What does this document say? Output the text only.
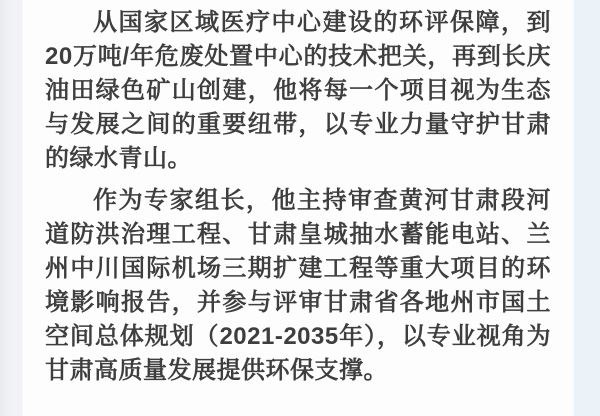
从国家区域医疗中心建设的环评保障，到20万吨/年危废处置中心的技术把关，再到长庆油田绿色矿山创建，他将每一个项目视为生态与发展之间的重要纽带，以专业力量守护甘肃的绿水青山。

作为专家组长，他主持审查黄河甘肃段河道防洪治理工程、甘肃皇城抽水蓄能电站、兰州中川国际机场三期扩建工程等重大项目的环境影响报告，并参与评审甘肃省各地州市国土空间总体规划（2021-2035年），以专业视角为甘肃高质量发展提供环保支撑。
